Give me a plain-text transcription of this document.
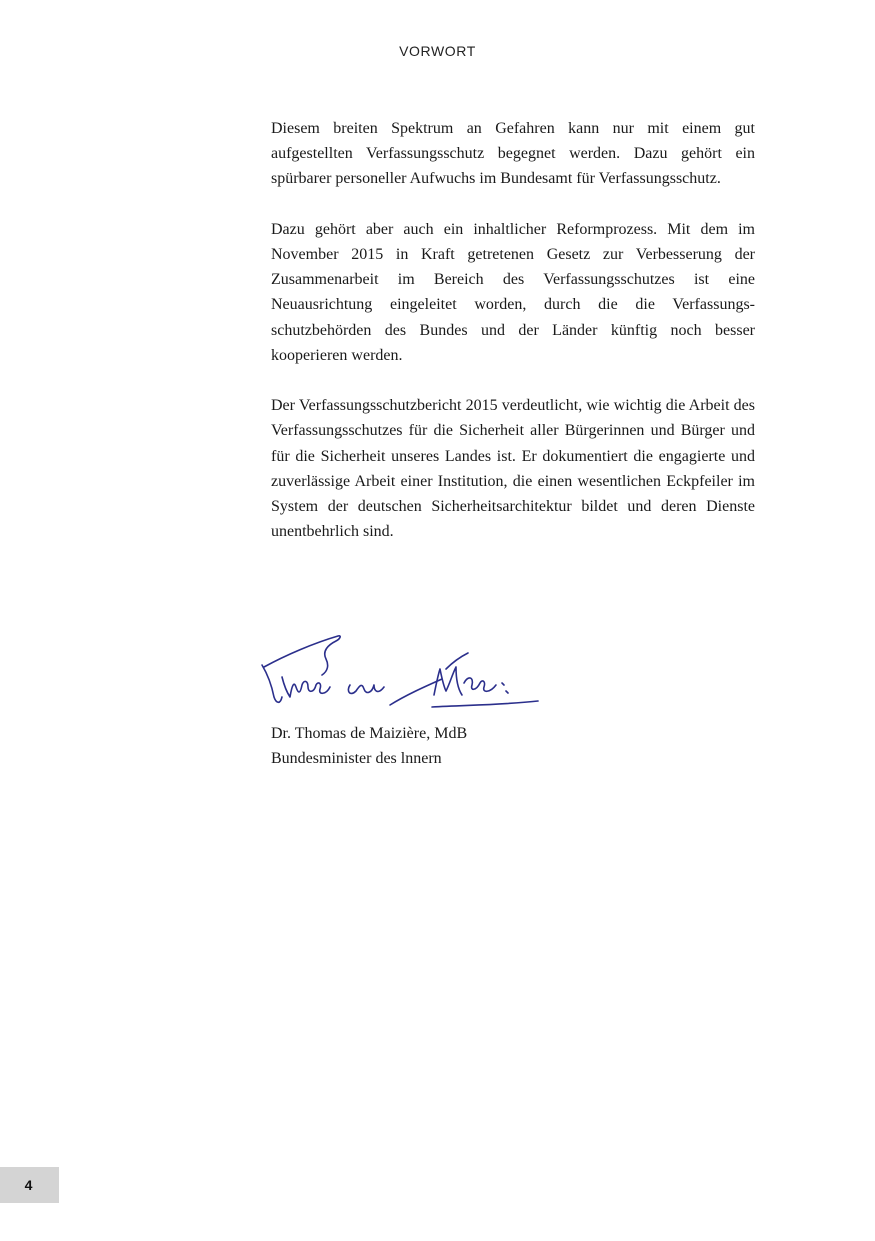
VORWORT

Diesem breiten Spektrum an Gefahren kann nur mit einem gut aufgestellten Verfassungsschutz begegnet werden. Dazu gehört ein spürbarer personeller Aufwuchs im Bundesamt für Verfassungsschutz.

Dazu gehört aber auch ein inhaltlicher Reformprozess. Mit dem im November 2015 in Kraft getretenen Gesetz zur Verbesserung der Zusammenarbeit im Bereich des Verfassungsschutzes ist eine Neuausrichtung eingeleitet worden, durch die die Verfassungsschutzbehörden des Bundes und der Länder künftig noch besser kooperieren werden.

Der Verfassungsschutzbericht 2015 verdeutlicht, wie wichtig die Arbeit des Verfassungsschutzes für die Sicherheit aller Bürgerinnen und Bürger und für die Sicherheit unseres Landes ist. Er dokumentiert die engagierte und zuverlässige Arbeit einer Institution, die einen wesentlichen Eckpfeiler im System der deutschen Sicherheitsarchitektur bildet und deren Dienste unentbehrlich sind.

Dr. Thomas de Maizière, MdB
Bundesminister des lnnern
4
